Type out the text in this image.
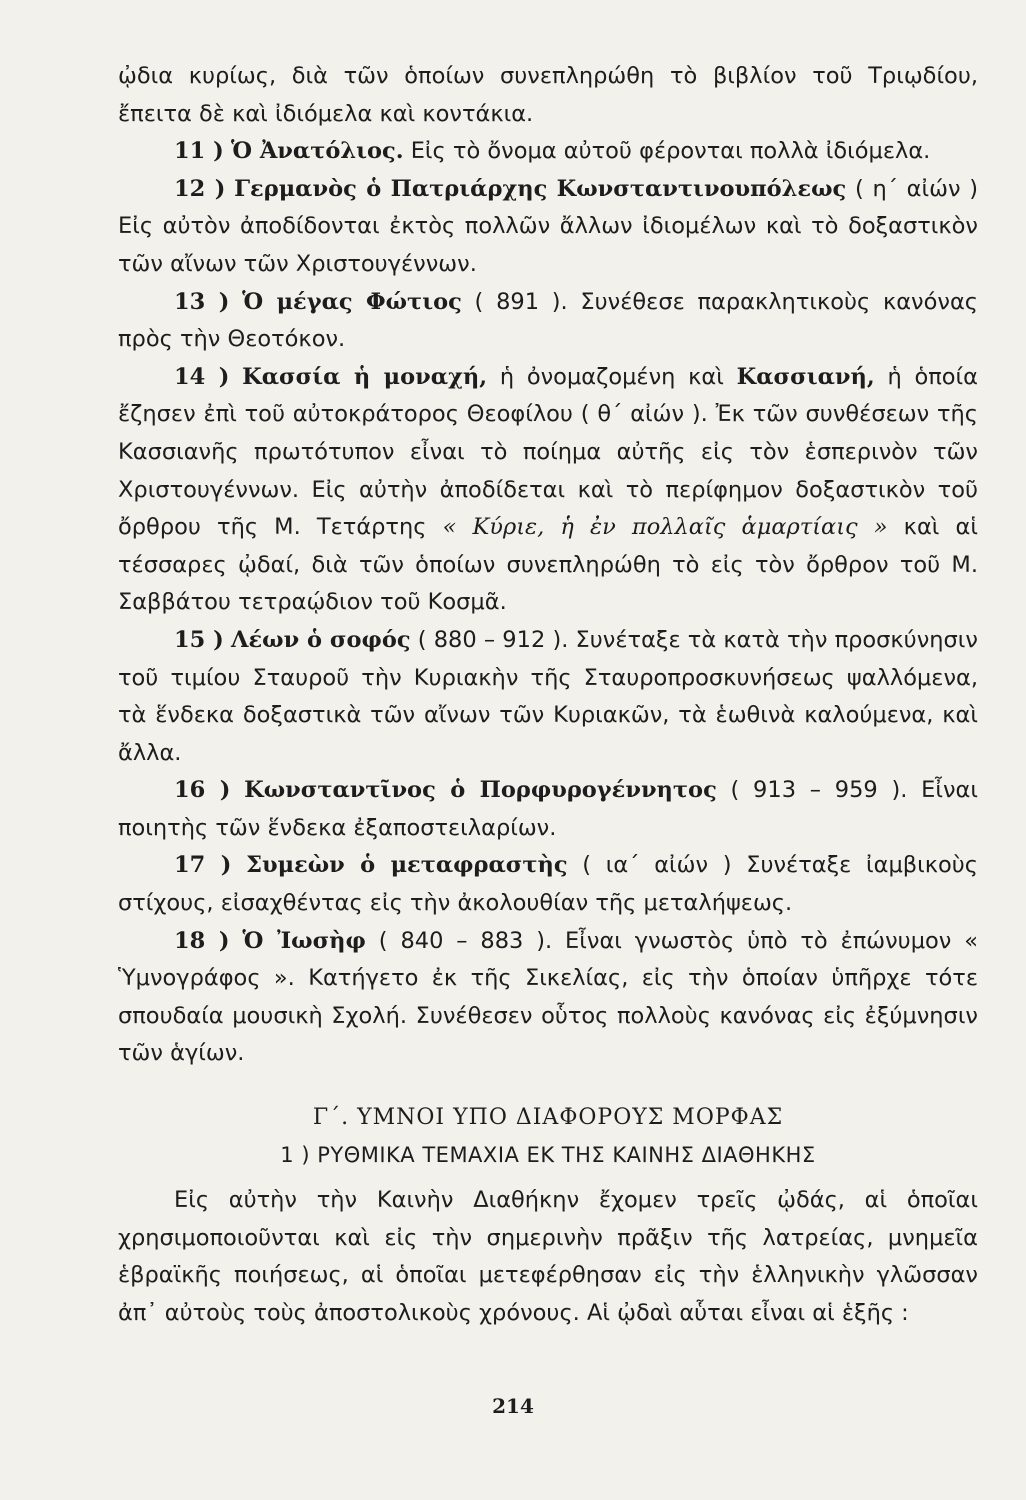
ᾠδια κυρίως, διὰ τῶν ὁποίων συνεπληρώθη τὸ βιβλίον τοῦ Τριῳδίου, ἔπειτα δὲ καὶ ἰδιόμελα καὶ κοντάκια.

11 ) Ὁ Ἀνατόλιος. Εἰς τὸ ὄνομα αὐτοῦ φέρονται πολλὰ ἰδιόμελα.

12 ) Γερμανὸς ὁ Πατριάρχης Κωνσταντινουπόλεως ( η΄ αἰών ) Εἰς αὐτὸν ἀποδίδονται ἐκτὸς πολλῶν ἄλλων ἰδιομέλων καὶ τὸ δοξαστικὸν τῶν αἴνων τῶν Χριστουγέννων.

13 ) Ὁ μέγας Φώτιος ( 891 ). Συνέθεσε παρακλητικοὺς κανόνας πρὸς τὴν Θεοτόκον.

14 ) Κασσία ἡ μοναχή, ἡ ὀνομαζομένη καὶ Κασσιανή, ἡ ὁποία ἔζησεν ἐπὶ τοῦ αὐτοκράτορος Θεοφίλου ( θ΄ αἰών ). Ἐκ τῶν συνθέσεων τῆς Κασσιανῆς πρωτότυπον εἶναι τὸ ποίημα αὐτῆς εἰς τὸν ἑσπερινὸν τῶν Χριστουγέννων. Εἰς αὐτὴν ἀποδίδεται καὶ τὸ περίφημον δοξαστικὸν τοῦ ὄρθρου τῆς Μ. Τετάρτης « Κύριε, ἡ ἐν πολλαῖς ἁμαρτίαις » καὶ αἱ τέσσαρες ᾠδαί, διὰ τῶν ὁποίων συνεπληρώθη τὸ εἰς τὸν ὄρθρον τοῦ Μ. Σαββάτου τετραῴδιον τοῦ Κοσμᾶ.

15 ) Λέων ὁ σοφός ( 880 – 912 ). Συνέταξε τὰ κατὰ τὴν προσκύνησιν τοῦ τιμίου Σταυροῦ τὴν Κυριακὴν τῆς Σταυροπροσκυνήσεως ψαλλόμενα, τὰ ἕνδεκα δοξαστικὰ τῶν αἴνων τῶν Κυριακῶν, τὰ ἑωθινὰ καλούμενα, καὶ ἄλλα.

16 ) Κωνσταντῖνος ὁ Πορφυρογέννητος ( 913 – 959 ). Εἶναι ποιητὴς τῶν ἕνδεκα ἐξαποστειλαρίων.

17 ) Συμεὼν ὁ μεταφραστὴς ( ια΄ αἰών ) Συνέταξε ἰαμβικοὺς στίχους, εἰσαχθέντας εἰς τὴν ἀκολουθίαν τῆς μεταλήψεως.

18 ) Ὁ Ἰωσὴφ ( 840 – 883 ). Εἶναι γνωστὸς ὑπὸ τὸ ἐπώνυμον « Ὑμνογράφος ». Κατήγετο ἐκ τῆς Σικελίας, εἰς τὴν ὁποίαν ὑπῆρχε τότε σπουδαία μουσικὴ Σχολή. Συνέθεσεν οὗτος πολλοὺς κανόνας εἰς ἐξύμνησιν τῶν ἁγίων.

Γ΄. ΥΜΝΟΙ ΥΠΟ ΔΙΑΦΟΡΟΥΣ ΜΟΡΦΑΣ

1 ) ΡΥΘΜΙΚΑ ΤΕΜΑΧΙΑ ΕΚ ΤΗΣ ΚΑΙΝΗΣ ΔΙΑΘΗΚΗΣ

Εἰς αὐτὴν τὴν Καινὴν Διαθήκην ἔχομεν τρεῖς ᾠδάς, αἱ ὁποῖαι χρησιμοποιοῦνται καὶ εἰς τὴν σημερινὴν πρᾶξιν τῆς λατρείας, μνημεῖα ἑβραϊκῆς ποιήσεως, αἱ ὁποῖαι μετεφέρθησαν εἰς τὴν ἑλληνικὴν γλῶσσαν ἀπ᾽ αὐτοὺς τοὺς ἀποστολικοὺς χρόνους. Αἱ ᾠδαὶ αὗται εἶναι αἱ ἑξῆς :

214
